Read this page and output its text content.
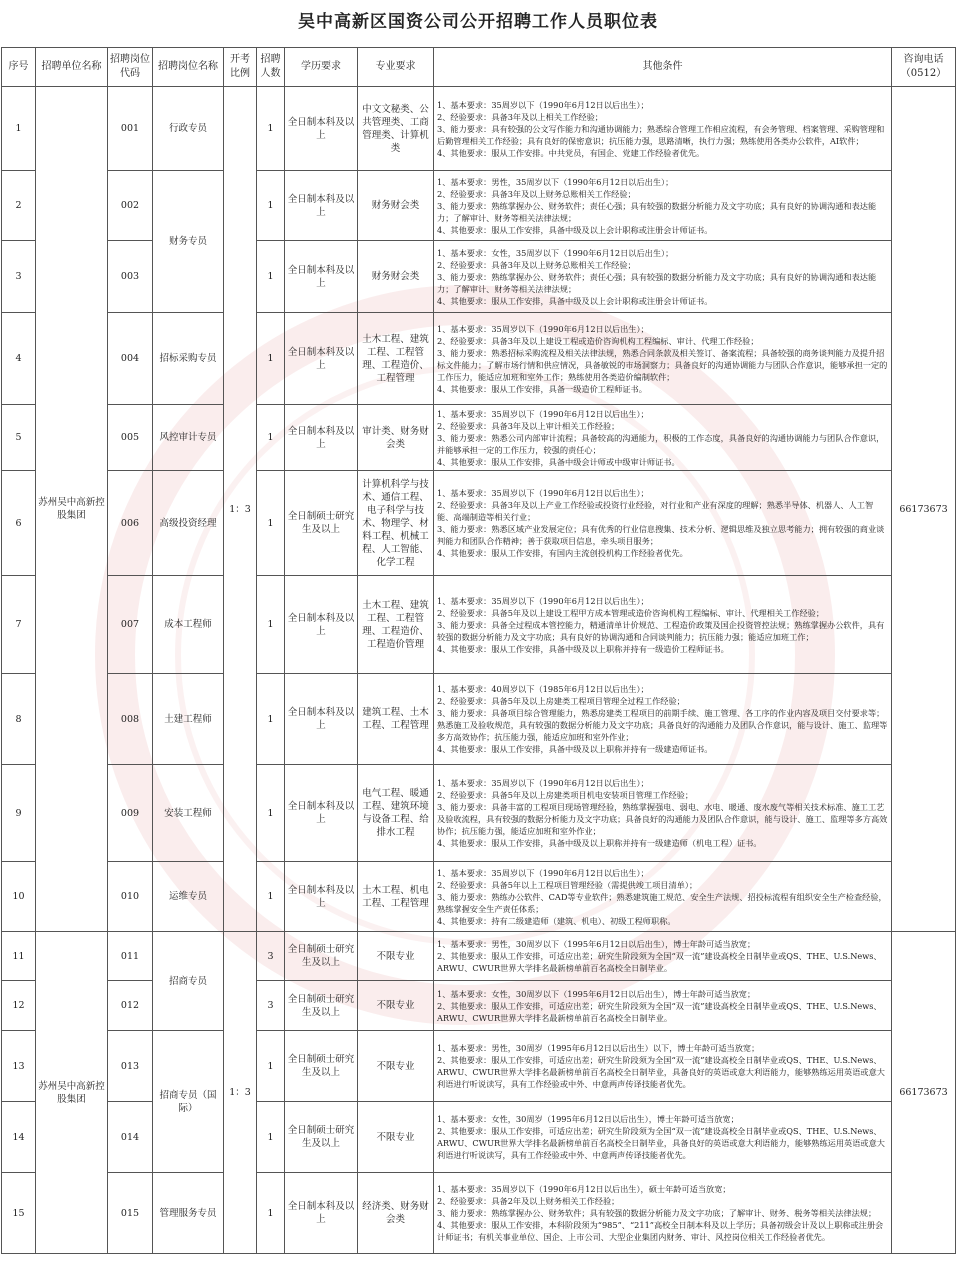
吴中高新区国资公司公开招聘工作人员职位表
序号	招聘单位名称	招聘岗位代码	招聘岗位名称	开考比例	招聘人数	学历要求	专业要求	其他条件	咨询电话（0512）
1	苏州吴中高新控股集团	001	行政专员	1：3	1	全日制本科及以上	中文文秘类、公共管理类、工商管理类、计算机类	1、基本要求：35周岁以下（1990年6月12日以后出生）；
2、经验要求：具备3年及以上相关工作经验；
3、能力要求：具有较强的公文写作能力和沟通协调能力；熟悉综合管理工作相应流程，有会务管理、档案管理、采购管理和后勤管理相关工作经验；具有良好的保密意识；抗压能力强，思路清晰，执行力强；熟练使用各类办公软件，AI软件；
4、其他要求：服从工作安排。中共党员，有国企、党建工作经验者优先。	66173673
2		002	财务专员		1	全日制本科及以上	财务财会类	1、基本要求：男性，35周岁以下（1990年6月12日以后出生）；
2、经验要求：具备3年及以上财务总账相关工作经验；
3、能力要求：熟练掌握办公、财务软件；责任心强；具有较强的数据分析能力及文字功底；具有良好的协调沟通和表达能力；了解审计、财务等相关法律法规；
4、其他要求：服从工作安排，具备中级及以上会计职称或注册会计师证书。	

3		003			1	全日制本科及以上	财务财会类	1、基本要求：女性，35周岁以下（1990年6月12日以后出生）；
2、经验要求：具备3年及以上财务总账相关工作经验；
3、能力要求：熟练掌握办公、财务软件；责任心强；具有较强的数据分析能力及文字功底；具有良好的协调沟通和表达能力；了解审计、财务等相关法律法规；
4、其他要求：服从工作安排，具备中级及以上会计职称或注册会计师证书。	

4		004	招标采购专员		1	全日制本科及以上	土木工程、建筑工程、工程管理、工程造价、工程管理	1、基本要求：35周岁以下（1990年6月12日以后出生）；
2、经验要求：具备3年及以上建设工程或造价咨询机构工程编标、审计、代理工作经验；
3、能力要求：熟悉招标采购流程及相关法律法规，熟悉合同条款及相关签订、备案流程；具备较强的商务谈判能力及提升招标文件能力；了解市场行情和供应情况，具备敏锐的市场洞察力；具备良好的沟通协调能力与团队合作意识，能够承担一定的工作压力，能适应加班和室外工作；熟练使用各类造价编制软件；
4、其他要求：服从工作安排，具备一级造价工程师证书。	

5		005	风控审计专员		1	全日制本科及以上	审计类、财务财会类	1、基本要求：35周岁以下（1990年6月12日以后出生）；
2、经验要求：具备3年及以上审计相关工作经验；
3、能力要求：熟悉公司内部审计流程；具备较高的沟通能力，积极的工作态度，具备良好的沟通协调能力与团队合作意识，并能够承担一定的工作压力，较强的责任心；
4、其他要求：服从工作安排，具备中级会计师或中级审计师证书。	

6		006	高级投资经理		1	全日制硕士研究生及以上	计算机科学与技术、通信工程、电子科学与技术、物理学、材料工程、机械工程、人工智能、化学工程	1、基本要求：35周岁以下（1990年6月12日以后出生）；
2、经验要求：具备3年及以上产业工作经验或投资行业经验，对行业和产业有深度的理解；熟悉半导体、机器人、人工智能、高端制造等相关行业；
3、能力要求：熟悉区域产业发展定位；具有优秀的行业信息搜集、技术分析、逻辑思维及独立思考能力；拥有较强的商业谈判能力和团队合作精神；善于获取项目信息，牵头项目服务；
4、其他要求：服从工作安排，有国内主流创投机构工作经验者优先。	

7		007	成本工程师		1	全日制本科及以上	土木工程、建筑工程、工程管理、工程造价、工程造价管理	1、基本要求：35周岁以下（1990年6月12日以后出生）；
2、经验要求：具备5年及以上建设工程甲方成本管理或造价咨询机构工程编标、审计、代理相关工作经验；
3、能力要求：具备全过程成本管控能力，精通清单计价规范、工程造价政策及国企投资管控法规；熟练掌握办公软件，具有较强的数据分析能力及文字功底；具有良好的协调沟通和合同谈判能力；抗压能力强；能适应加班工作；
4、其他要求：服从工作安排，具备中级及以上职称并持有一级造价工程师证书。	

8		008	土建工程师		1	全日制本科及以上	建筑工程、土木工程、工程管理	1、基本要求：40周岁以下（1985年6月12日以后出生）；
2、经验要求：具备5年及以上房建类工程项目管理全过程工作经验；
3、能力要求：具备项目综合管理能力，熟悉房建类工程项目的前期手续、施工管理、各工序的作业内容及项目交付要求等；熟悉施工及验收规范，具有较强的数据分析能力及文字功底；具备良好的沟通能力及团队合作意识，能与设计、施工、监理等多方高效协作；抗压能力强，能适应加班和室外作业；
4、其他要求：服从工作安排，具备中级及以上职称并持有一级建造师证书。	

9		009	安装工程师		1	全日制本科及以上	电气工程、暖通工程、建筑环境与设备工程、给排水工程	1、基本要求：35周岁以下（1990年6月12日以后出生）；
2、经验要求：具备5年及以上房建类项目机电安装项目管理工作经验；
3、能力要求：具备丰富的工程项目现场管理经验，熟练掌握强电、弱电、水电、暖通、废水废气等相关技术标准、施工工艺及验收流程，具有较强的数据分析能力及文字功底；具备良好的沟通能力及团队合作意识，能与设计、施工、监理等多方高效协作；抗压能力强，能适应加班和室外作业；
4、其他要求：服从工作安排，具备中级及以上职称并持有一级建造师（机电工程）证书。	

10		010	运维专员		1	全日制本科及以上	土木工程、机电工程、工程管理	1、基本要求：35周岁以下（1990年6月12日以后出生）；
2、经验要求：具备5年以上工程项目管理经验（需提供竣工项目清单）；
3、能力要求：熟练办公软件、CAD等专业软件；熟悉建筑施工规范、安全生产法规、招投标流程有组织安全生产检查经验，熟练掌握安全生产责任体系；
4、其他要求：持有二级建造师（建筑、机电）、初级工程师职称。	

11	苏州吴中高新控股集团	011	招商专员	1：3	3	全日制硕士研究生及以上	不限专业	1、基本要求：男性，30周岁以下（1995年6月12日以后出生），博士年龄可适当放宽；
2、其他要求：服从工作安排，可适应出差；研究生阶段须为全国“双一流”建设高校全日制毕业或QS、THE、U.S.News、ARWU、CWUR世界大学排名最新榜单前百名高校全日制毕业。	66173673
12		012			3	全日制硕士研究生及以上	不限专业	1、基本要求：女性，30周岁以下（1995年6月12日以后出生），博士年龄可适当放宽；
2、其他要求：服从工作安排，可适应出差；研究生阶段须为全国“双一流”建设高校全日制毕业或QS、THE、U.S.News、ARWU、CWUR世界大学排名最新榜单前百名高校全日制毕业。	

13		013	招商专员（国际）		1	全日制硕士研究生及以上	不限专业	1、基本要求：男性，30周岁（1995年6月12日以后出生）以下，博士年龄可适当放宽；
2、其他要求：服从工作安排，可适应出差；研究生阶段须为全国“双一流”建设高校全日制毕业或QS、THE、U.S.News、ARWU、CWUR世界大学排名最新榜单前百名高校全日制毕业，具备良好的英语或意大利语能力，能够熟练运用英语或意大利语进行听说读写，具有工作经验或中外、中意两声传译技能者优先。	

14		014			1	全日制硕士研究生及以上	不限专业	1、基本要求：女性，30周岁（1995年6月12日以后出生），博士年龄可适当放宽；
2、其他要求：服从工作安排，可适应出差；研究生阶段须为全国“双一流”建设高校全日制毕业或QS、THE、U.S.News、ARWU、CWUR世界大学排名最新榜单前百名高校全日制毕业，具备良好的英语或意大利语能力，能够熟练运用英语或意大利语进行听说读写，具有工作经验或中外、中意两声传译技能者优先。	

15		015	管理服务专员		1	全日制本科及以上	经济类、财务财会类	1、基本要求：35周岁以下（1990年6月12日以后出生），硕士年龄可适当放宽；
2、经验要求：具备2年及以上财务相关工作经验；
3、能力要求：熟练掌握办公、财务软件；具有较强的数据分析能力及文字功底；了解审计、财务、税务等相关法律法规；
4、其他要求：服从工作安排，本科阶段须为“985”、“211”高校全日制本科及以上学历；具备初级会计及以上职称或注册会计师证书；有机关事业单位、国企、上市公司、大型企业集团内财务、审计、风控岗位相关工作经验者优先。	
